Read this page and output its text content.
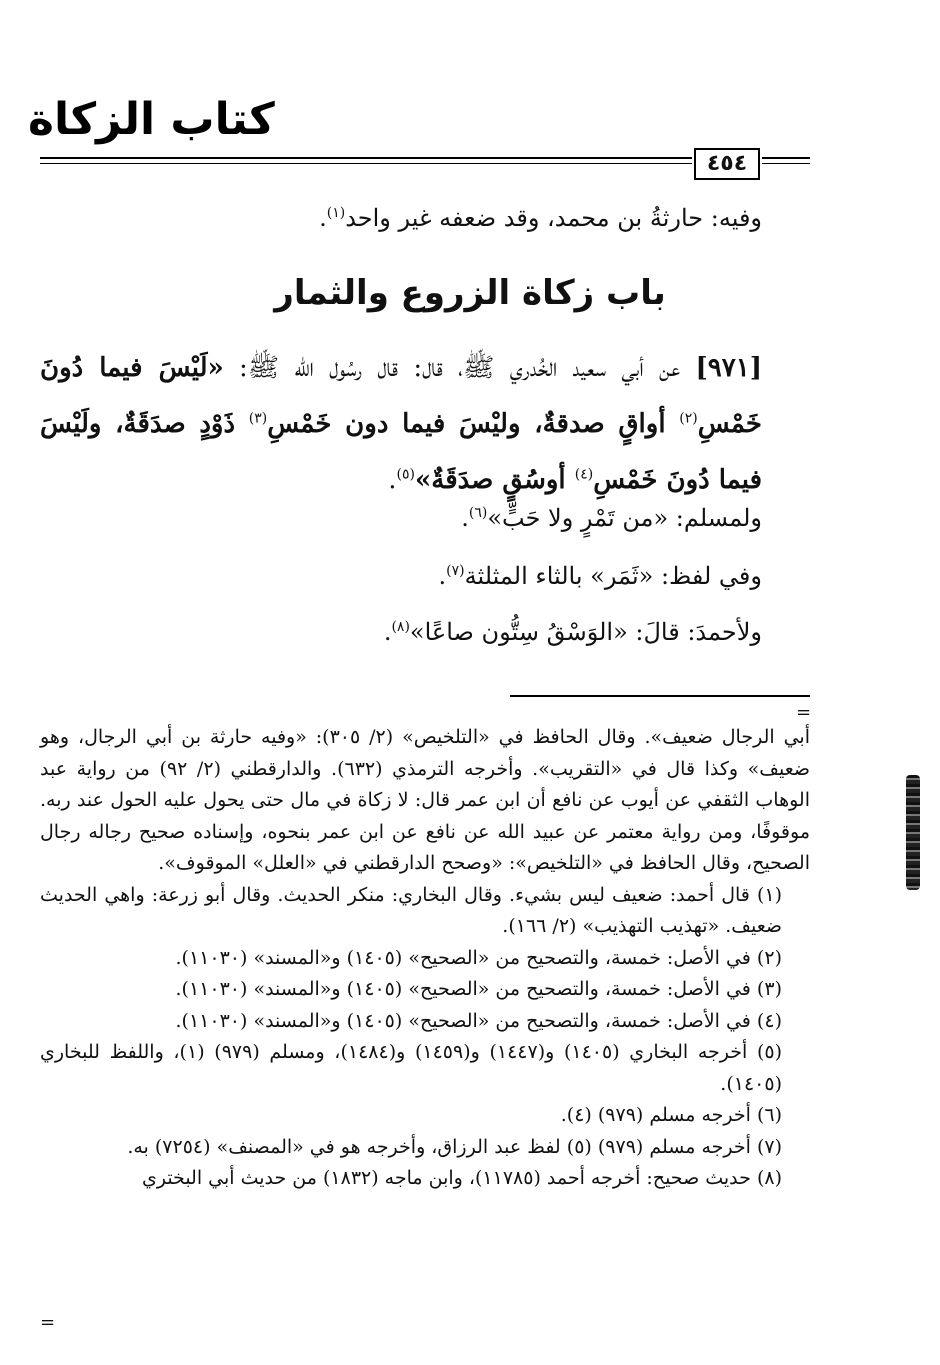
كتاب الزكاة
٤٥٤
وفيه: حارثةُ بن محمد، وقد ضعفه غير واحد$^{(١)}$.
باب زكاة الزروع والثمار
[٩٧١] عن أبي سعيد الخُدري ﷺ، قال: قال رسُول الله ﷺ: «لَيْسَ فيما دُونَ خَمْسِ$^{(٢)}$ أواقٍ صدقةٌ، وليْسَ فيما دون خَمْسِ$^{(٣)}$ ذَوْدٍ صدَقَةٌ، ولَيْسَ فيما دُونَ خَمْسِ$^{(٤)}$ أوسُقٍ صدَقَةٌ»$^{(٥)}$.
ولمسلم: «من تَمْرٍ ولا حَبٍّ»$^{(٦)}$.
وفي لفظ: «ثَمَر» بالثاء المثلثة$^{(٧)}$.
ولأحمدَ: قالَ: «الوَسْقُ سِتُّون صاعًا»$^{(٨)}$.
=

أبي الرجال ضعيف». وقال الحافظ في «التلخيص» (٢/ ٣٠٥): «وفيه حارثة بن أبي الرجال، وهو ضعيف» وكذا قال في «التقريب». وأخرجه الترمذي (٦٣٢). والدارقطني (٢/ ٩٢) من رواية عبد الوهاب الثقفي عن أيوب عن نافع أن ابن عمر قال: لا زكاة في مال حتى يحول عليه الحول عند ربه. موقوفًا، ومن رواية معتمر عن عبيد الله عن نافع عن ابن عمر بنحوه، وإسناده صحيح رجاله رجال الصحيح، وقال الحافظ في «التلخيص»: «وصحح الدارقطني في «العلل» الموقوف».

(١) قال أحمد: ضعيف ليس بشيء. وقال البخاري: منكر الحديث. وقال أبو زرعة: واهي الحديث ضعيف. «تهذيب التهذيب» (٢/ ١٦٦).

(٢) في الأصل: خمسة، والتصحيح من «الصحيح» (١٤٠٥) و«المسند» (١١٠٣٠).

(٣) في الأصل: خمسة، والتصحيح من «الصحيح» (١٤٠٥) و«المسند» (١١٠٣٠).

(٤) في الأصل: خمسة، والتصحيح من «الصحيح» (١٤٠٥) و«المسند» (١١٠٣٠).

(٥) أخرجه البخاري (١٤٠٥) و(١٤٤٧) و(١٤٥٩) و(١٤٨٤)، ومسلم (٩٧٩) (١)، واللفظ للبخاري (١٤٠٥).

(٦) أخرجه مسلم (٩٧٩) (٤).

(٧) أخرجه مسلم (٩٧٩) (٥) لفظ عبد الرزاق، وأخرجه هو في «المصنف» (٧٢٥٤) به.

(٨) حديث صحيح: أخرجه أحمد (١١٧٨٥)، وابن ماجه (١٨٣٢) من حديث أبي البختري

=
